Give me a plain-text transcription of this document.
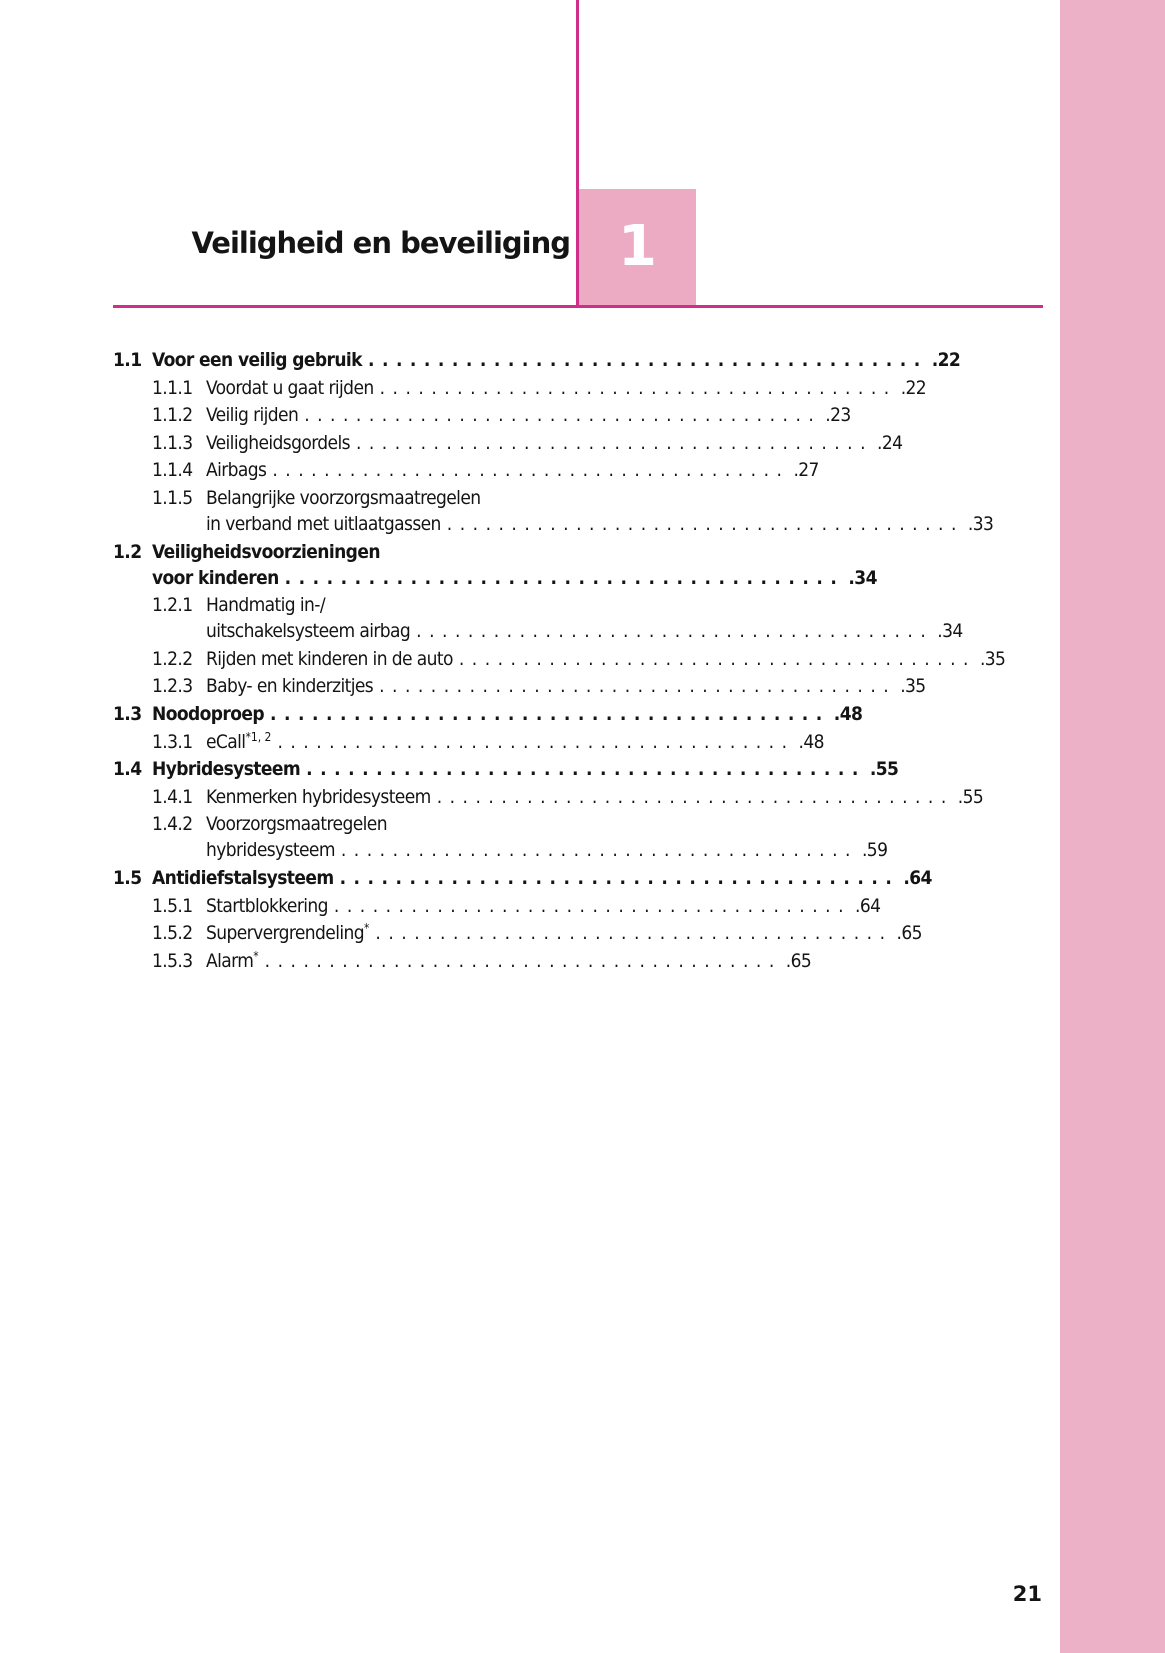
Veiligheid en beveiliging 1
1.1 Voor een veilig gebruik ........................................ .22
1.1.1 Voordat u gaat rijden ........................................ .22
1.1.2 Veilig rijden ........................................ .23
1.1.3 Veiligheidsgordels ........................................ .24
1.1.4 Airbags ........................................ .27
1.1.5 Belangrijke voorzorgsmaatregelen
in verband met uitlaatgassen ........................................ .33
1.2 Veiligheidsvoorzieningen
voor kinderen ........................................ .34
1.2.1 Handmatig in-/
uitschakelsysteem airbag ........................................ .34
1.2.2 Rijden met kinderen in de auto ........................................ .35
1.2.3 Baby- en kinderzitjes ........................................ .35
1.3 Noodoproep ........................................ .48
1.3.1 eCall$^{*1, 2}$ ........................................ .48
1.4 Hybridesysteem ........................................ .55
1.4.1 Kenmerken hybridesysteem ........................................ .55
1.4.2 Voorzorgsmaatregelen
hybridesysteem ........................................ .59
1.5 Antidiefstalsysteem ........................................ .64
1.5.1 Startblokkering ........................................ .64
1.5.2 Supervergrendeling* ........................................ .65
1.5.3 Alarm* ........................................ .65
21
